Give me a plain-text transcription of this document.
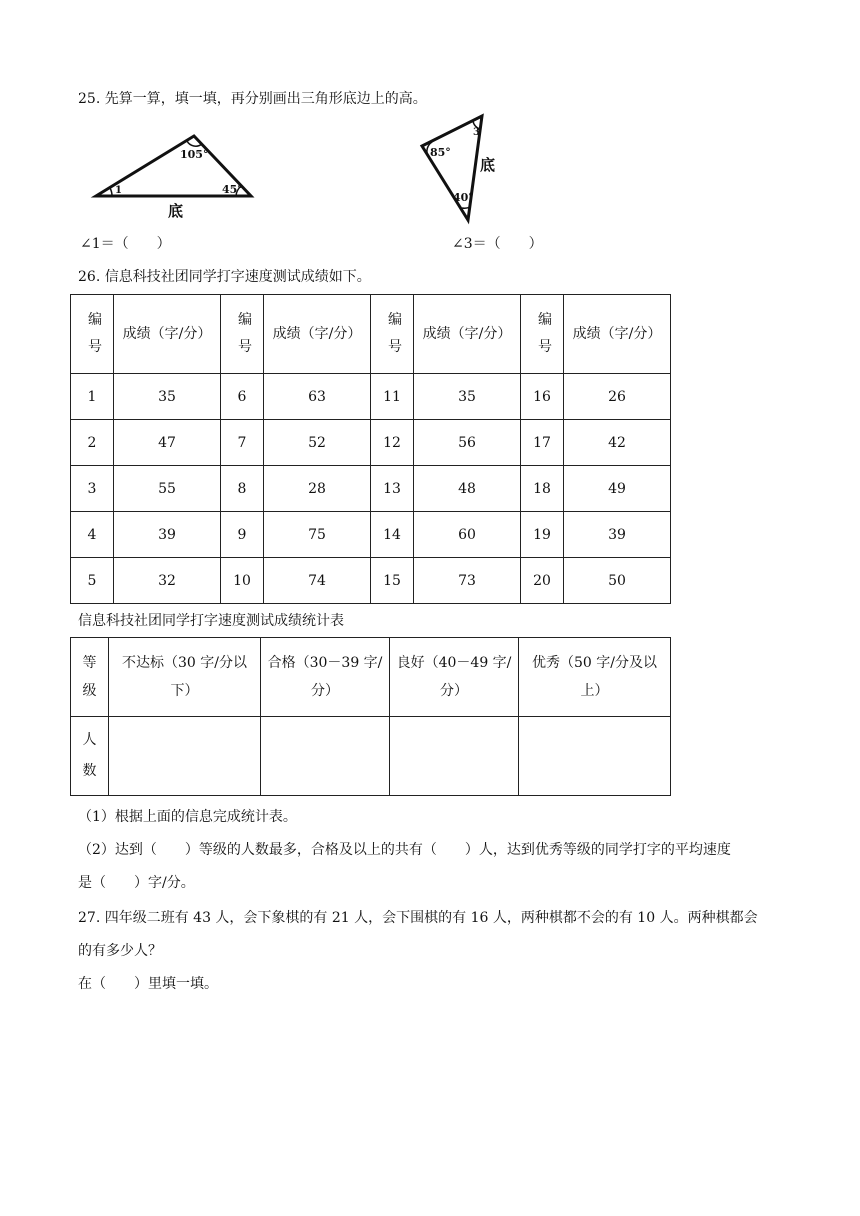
25. 先算一算，填一填，再分别画出三角形底边上的高。
1
105°
45°
底
85°
3
40°
底
∠1＝（　　）	∠3＝（　　）
26. 信息科技社团同学打字速度测试成绩如下。
编号	成绩（字/分）	编号	成绩（字/分）	编号	成绩（字/分）	编号	成绩（字/分）
1	35	6	63	11	35	16	26
2	47	7	52	12	56	17	42
3	55	8	28	13	48	18	49
4	39	9	75	14	60	19	39
5	32	10	74	15	73	20	50
信息科技社团同学打字速度测试成绩统计表
等级	不达标（30 字/分以下）	合格（30－39 字/分）	良好（40－49 字/分）	优秀（50 字/分及以上）

人数				

（1）根据上面的信息完成统计表。
（2）达到（　　）等级的人数最多，合格及以上的共有（　　）人，达到优秀等级的同学打字的平均速度
是（　　）字/分。
27. 四年级二班有 43 人，会下象棋的有 21 人，会下围棋的有 16 人，两种棋都不会的有 10 人。两种棋都会
的有多少人？
在（　　）里填一填。
